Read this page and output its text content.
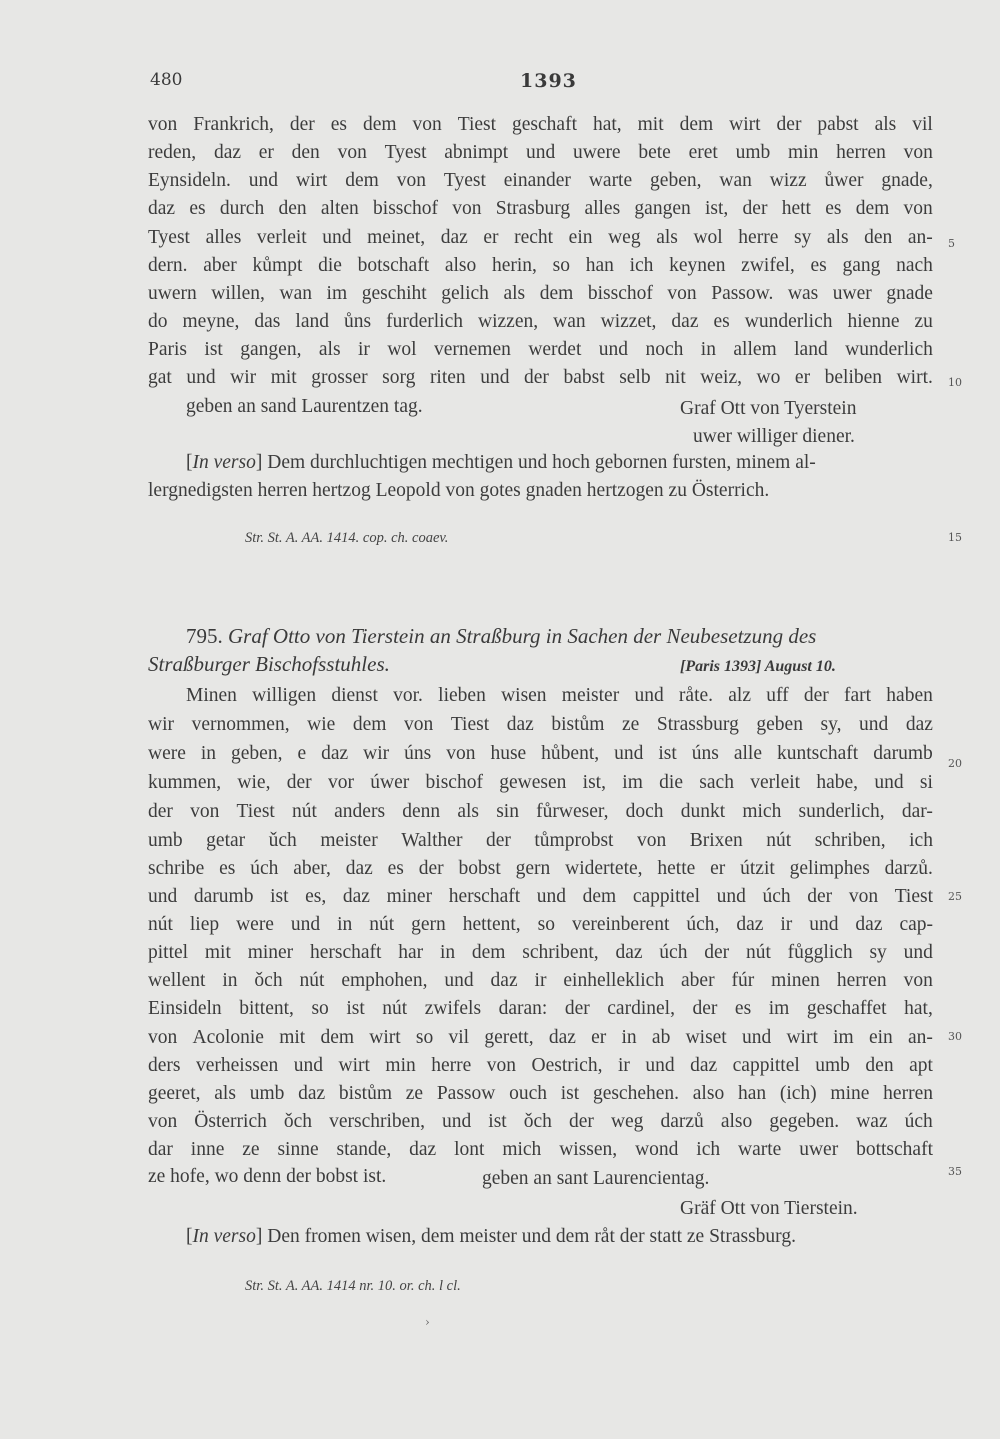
480	1393
von Frankrich, der es dem von Tiest geschaft hat, mit dem wirt der pabst als vil
reden, daz er den von Tyest abnimpt und uwere bete eret umb min herren von
Eynsideln. und wirt dem von Tyest einander warte geben, wan wizz ůwer gnade,
daz es durch den alten bisschof von Strasburg alles gangen ist, der hett es dem von
Tyest alles verleit und meinet, daz er recht ein weg als wol herre sy als den an-
dern. aber kůmpt die botschaft also herin, so han ich keynen zwifel, es gang nach
uwern willen, wan im geschiht gelich als dem bisschof von Passow. was uwer gnade
do meyne, das land ůns furderlich wizzen, wan wizzet, daz es wunderlich hienne zu
Paris ist gangen, als ir wol vernemen werdet und noch in allem land wunderlich
gat und wir mit grosser sorg riten und der babst selb nit weiz, wo er beliben wirt.
geben an sand Laurentzen tag.	Graf Ott von Tyerstein
uwer williger diener.
[In verso] Dem durchluchtigen mechtigen und hoch gebornen fursten, minem al-
lergnedigsten herren hertzog Leopold von gotes gnaden hertzogen zu Österrich.
Str. St. A. AA. 1414. cop. ch. coaev.
795. Graf Otto von Tierstein an Straßburg in Sachen der Neubesetzung des
Straßburger Bischofsstuhles.	[Paris 1393] August 10.
Minen willigen dienst vor. lieben wisen meister und råte. alz uff der fart haben
wir vernommen, wie dem von Tiest daz bistům ze Strassburg geben sy, und daz
were in geben, e daz wir úns von huse hůbent, und ist úns alle kuntschaft darumb
kummen, wie, der vor úwer bischof gewesen ist, im die sach verleit habe, und si
der von Tiest nút anders denn als sin fůrweser, doch dunkt mich sunderlich, dar-
umb getar ǔch meister Walther der tůmprobst von Brixen nút schriben, ich
schribe es úch aber, daz es der bobst gern widertete, hette er útzit gelimphes darzů.
und darumb ist es, daz miner herschaft und dem cappittel und úch der von Tiest
nút liep were und in nút gern hettent, so vereinberent úch, daz ir und daz cap-
pittel mit miner herschaft har in dem schribent, daz úch der nút fůgglich sy und
wellent in ǒch nút emphohen, und daz ir einhelleklich aber fúr minen herren von
Einsideln bittent, so ist nút zwifels daran: der cardinel, der es im geschaffet hat,
von Acolonie mit dem wirt so vil gerett, daz er in ab wiset und wirt im ein an-
ders verheissen und wirt min herre von Oestrich, ir und daz cappittel umb den apt
geeret, als umb daz bistům ze Passow ouch ist geschehen. also han (ich) mine herren
von Österrich ǒch verschriben, und ist ǒch der weg darzů also gegeben. waz úch
dar inne ze sinne stande, daz lont mich wissen, wond ich warte uwer bottschaft
ze hofe, wo denn der bobst ist.	geben an sant Laurencientag.
Gräf Ott von Tierstein.
[In verso] Den fromen wisen, dem meister und dem råt der statt ze Strassburg.
Str. St. A. AA. 1414 nr. 10. or. ch. l cl.
›
5
10
15
20
25
30
35
